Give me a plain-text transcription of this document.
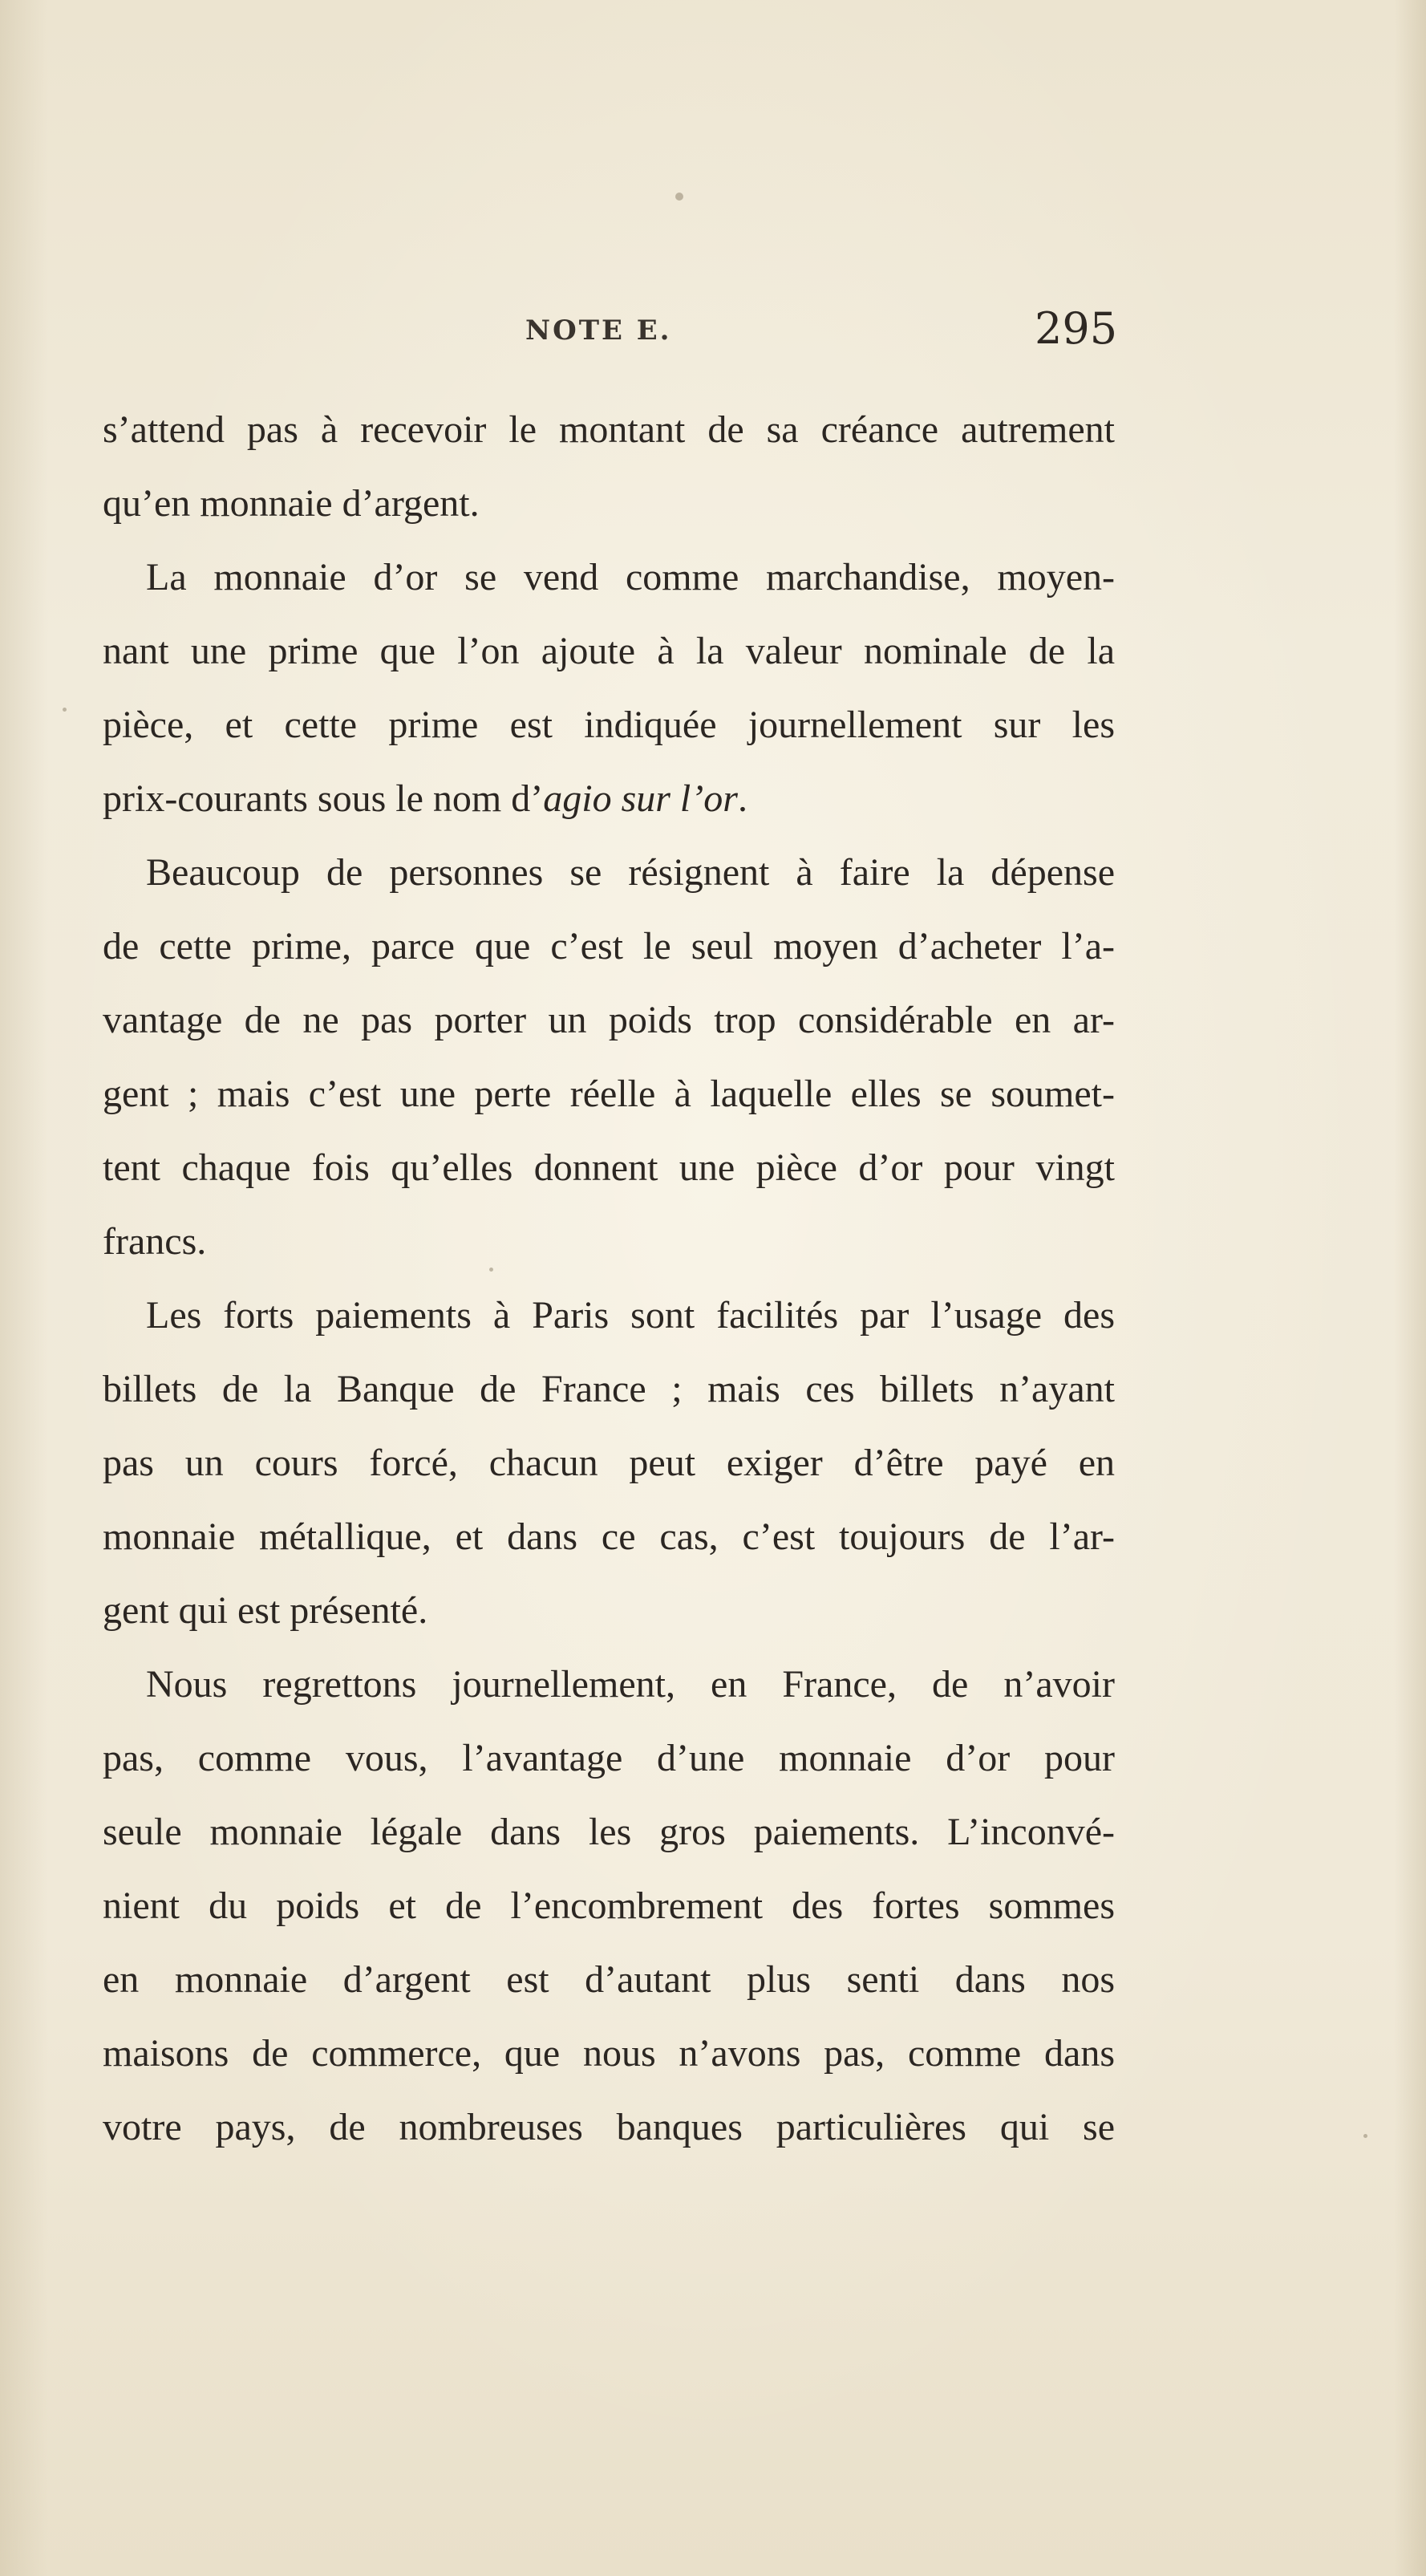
NOTE E.	295
s’attend pas à recevoir le montant de sa créance autrement
qu’en monnaie d’argent.
La monnaie d’or se vend comme marchandise, moyen-
nant une prime que l’on ajoute à la valeur nominale de la
pièce, et cette prime est indiquée journellement sur les
prix-courants sous le nom d’agio sur l’or.
Beaucoup de personnes se résignent à faire la dépense
de cette prime, parce que c’est le seul moyen d’acheter l’a-
vantage de ne pas porter un poids trop considérable en ar-
gent ; mais c’est une perte réelle à laquelle elles se soumet-
tent chaque fois qu’elles donnent une pièce d’or pour vingt
francs.
Les forts paiements à Paris sont facilités par l’usage des
billets de la Banque de France ; mais ces billets n’ayant
pas un cours forcé, chacun peut exiger d’être payé en
monnaie métallique, et dans ce cas, c’est toujours de l’ar-
gent qui est présenté.
Nous regrettons journellement, en France, de n’avoir
pas, comme vous, l’avantage d’une monnaie d’or pour
seule monnaie légale dans les gros paiements. L’inconvé-
nient du poids et de l’encombrement des fortes sommes
en monnaie d’argent est d’autant plus senti dans nos
maisons de commerce, que nous n’avons pas, comme dans
votre pays, de nombreuses banques particulières qui se
